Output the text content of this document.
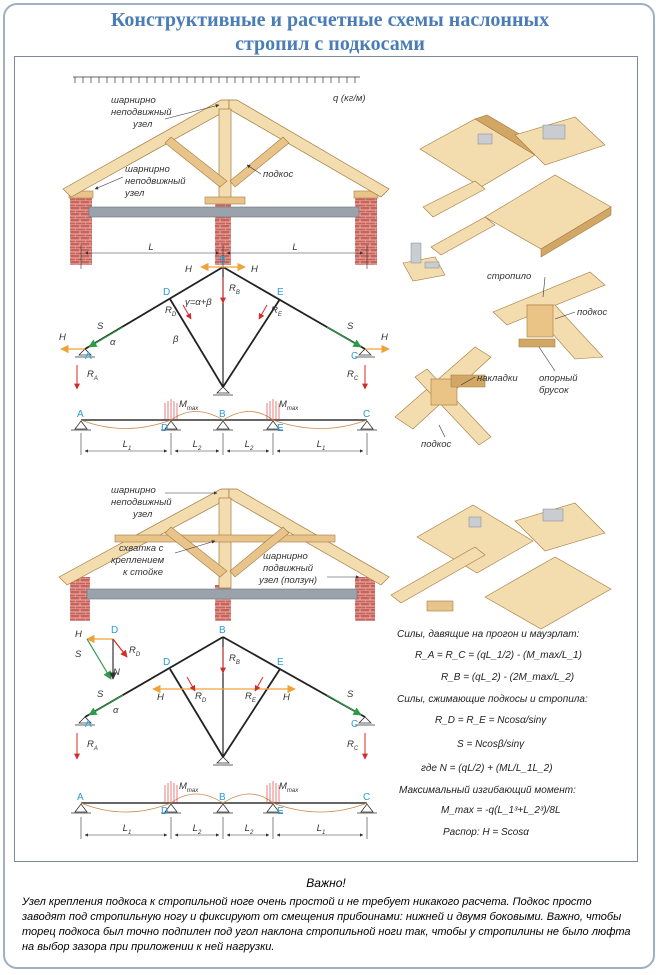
Конструктивные и расчетные схемы наслонных
стропил с подкосами
q (кг/м)
шарнирно
неподвижный
узел
шарнирно
неподвижный
узел
подкос
L	L
A
B
C
D	E
H	H
H	H
S	S
α	β
γ=α+β
$R_A$	$R_C$
$R_B$
$R_D$	$R_E$
A
D
B
E
C
$M_{max}$	$M_{max}$
$L_1$	$L_2$	$L_2$	$L_1$
стропило
подкос
опорный
брусок
накладки
подкос
шарнирно
неподвижный
узел
схватка с
креплением
к стойке
шарнирно
подвижный
узел (ползун)
A
B
C
D	E
D
H
S
N
$R_D$
S	S
α
H	H
$R_A$	$R_C$
$R_B$
$R_D$	$R_E$
A
D
B
E
C
$M_{max}$	$M_{max}$
$L_1$	$L_2$	$L_2$	$L_1$
Силы, давящие на прогон и мауэрлат:
R_A = R_C = (qL_1/2) - (M_max/L_1)
R_B = (qL_2) - (2M_max/L_2)
Силы, сжимающие подкосы и стропила:
R_D = R_E = Ncosα/sinγ
S = Ncosβ/sinγ
где N = (qL/2) + (ML/L_1L_2)
Максимальный изгибающий момент:
M_max = -q(L_1³+L_2³)/8L
Распор: H = Scosα
Важно!
Узел крепления подкоса к стропильной ноге очень простой и не требует никакого расчета. Подкос просто заводят под стропильную ногу и фиксируют от смещения прибоинами: нижней и двумя боковыми. Важно, чтобы торец подкоса был точно подпилен под угол наклона стропильной ноги так, чтобы у стропилины не было люфта на выбор зазора при приложении к ней нагрузки.
